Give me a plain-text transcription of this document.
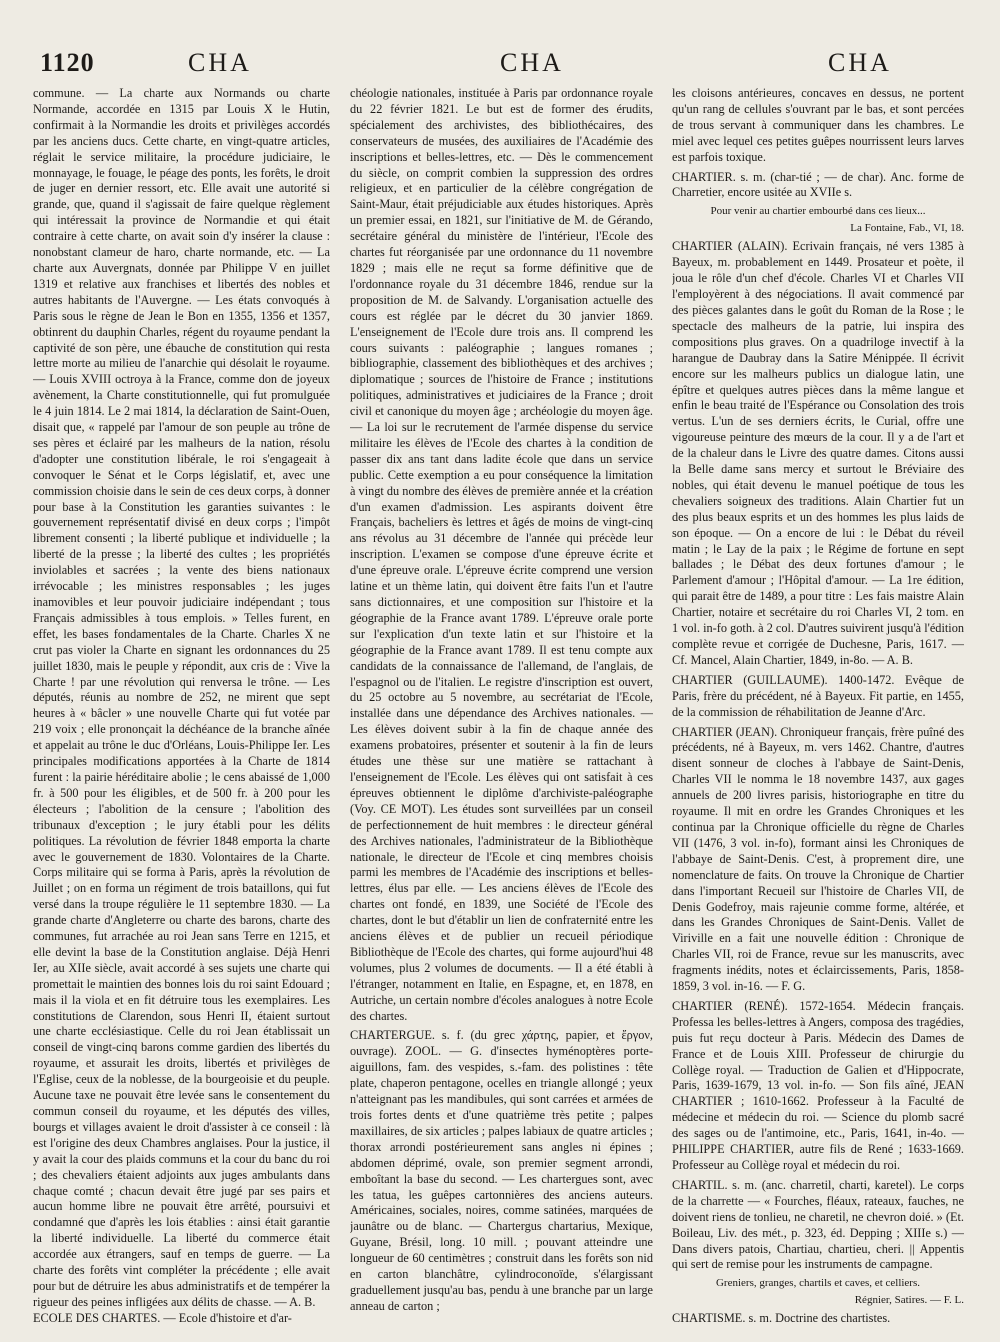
1120	CHA	CHA	CHA

commune. — La charte aux Normands ou charte Normande, accordée en 1315 par Louis X le Hutin, confirmait à la Normandie les droits et privilèges accordés par les anciens ducs. Cette charte, en vingt-quatre articles, réglait le service militaire, la procédure judiciaire, le monnayage, le fouage, le péage des ponts, les forêts, le droit de juger en dernier ressort, etc. Elle avait une autorité si grande, que, quand il s'agissait de faire quelque règlement qui intéressait la province de Normandie et qui était contraire à cette charte, on avait soin d'y insérer la clause : nonobstant clameur de haro, charte normande, etc. — La charte aux Auvergnats, donnée par Philippe V en juillet 1319 et relative aux franchises et libertés des nobles et autres habitants de l'Auvergne. — Les états convoqués à Paris sous le règne de Jean le Bon en 1355, 1356 et 1357, obtinrent du dauphin Charles, régent du royaume pendant la captivité de son père, une ébauche de constitution qui resta lettre morte au milieu de l'anarchie qui désolait le royaume. — Louis XVIII octroya à la France, comme don de joyeux avènement, la Charte constitutionnelle, qui fut promulguée le 4 juin 1814. Le 2 mai 1814, la déclaration de Saint-Ouen, disait que, « rappelé par l'amour de son peuple au trône de ses pères et éclairé par les malheurs de la nation, résolu d'adopter une constitution libérale, le roi s'engageait à convoquer le Sénat et le Corps législatif, et, avec une commission choisie dans le sein de ces deux corps, à donner pour base à la Constitution les garanties suivantes : le gouvernement représentatif divisé en deux corps ; l'impôt librement consenti ; la liberté publique et individuelle ; la liberté de la presse ; la liberté des cultes ; les propriétés inviolables et sacrées ; la vente des biens nationaux irrévocable ; les ministres responsables ; les juges inamovibles et leur pouvoir judiciaire indépendant ; tous Français admissibles à tous emplois. » Telles furent, en effet, les bases fondamentales de la Charte. Charles X ne crut pas violer la Charte en signant les ordonnances du 25 juillet 1830, mais le peuple y répondit, aux cris de : Vive la Charte ! par une révolution qui renversa le trône. — Les députés, réunis au nombre de 252, ne mirent que sept heures à « bâcler » une nouvelle Charte qui fut votée par 219 voix ; elle prononçait la déchéance de la branche aînée et appelait au trône le duc d'Orléans, Louis-Philippe Ier. Les principales modifications apportées à la Charte de 1814 furent : la pairie héréditaire abolie ; le cens abaissé de 1,000 fr. à 500 pour les éligibles, et de 500 fr. à 200 pour les électeurs ; l'abolition de la censure ; l'abolition des tribunaux d'exception ; le jury établi pour les délits politiques. La révolution de février 1848 emporta la charte avec le gouvernement de 1830. Volontaires de la Charte. Corps militaire qui se forma à Paris, après la révolution de Juillet ; on en forma un régiment de trois bataillons, qui fut versé dans la troupe régulière le 11 septembre 1830. — La grande charte d'Angleterre ou charte des barons, charte des communes, fut arrachée au roi Jean sans Terre en 1215, et elle devint la base de la Constitution anglaise. Déjà Henri Ier, au XIIe siècle, avait accordé à ses sujets une charte qui promettait le maintien des bonnes lois du roi saint Edouard ; mais il la viola et en fit détruire tous les exemplaires. Les constitutions de Clarendon, sous Henri II, étaient surtout une charte ecclésiastique. Celle du roi Jean établissait un conseil de vingt-cinq barons comme gardien des libertés du royaume, et assurait les droits, libertés et privilèges de l'Eglise, ceux de la noblesse, de la bourgeoisie et du peuple. Aucune taxe ne pouvait être levée sans le consentement du commun conseil du royaume, et les députés des villes, bourgs et villages avaient le droit d'assister à ce conseil : là est l'origine des deux Chambres anglaises. Pour la justice, il y avait la cour des plaids communs et la cour du banc du roi ; des chevaliers étaient adjoints aux juges ambulants dans chaque comté ; chacun devait être jugé par ses pairs et aucun homme libre ne pouvait être arrêté, poursuivi et condamné que d'après les lois établies : ainsi était garantie la liberté individuelle. La liberté du commerce était accordée aux étrangers, sauf en temps de guerre. — La charte des forêts vint compléter la précédente ; elle avait pour but de détruire les abus administratifs et de tempérer la rigueur des peines infligées aux délits de chasse. — A. B.

ECOLE DES CHARTES. — Ecole d'histoire et d'ar-

chéologie nationales, instituée à Paris par ordonnance royale du 22 février 1821. Le but est de former des érudits, spécialement des archivistes, des bibliothécaires, des conservateurs de musées, des auxiliaires de l'Académie des inscriptions et belles-lettres, etc. — Dès le commencement du siècle, on comprit combien la suppression des ordres religieux, et en particulier de la célèbre congrégation de Saint-Maur, était préjudiciable aux études historiques. Après un premier essai, en 1821, sur l'initiative de M. de Gérando, secrétaire général du ministère de l'intérieur, l'Ecole des chartes fut réorganisée par une ordonnance du 11 novembre 1829 ; mais elle ne reçut sa forme définitive que de l'ordonnance royale du 31 décembre 1846, rendue sur la proposition de M. de Salvandy. L'organisation actuelle des cours est réglée par le décret du 30 janvier 1869. L'enseignement de l'Ecole dure trois ans. Il comprend les cours suivants : paléographie ; langues romanes ; bibliographie, classement des bibliothèques et des archives ; diplomatique ; sources de l'histoire de France ; institutions politiques, administratives et judiciaires de la France ; droit civil et canonique du moyen âge ; archéologie du moyen âge. — La loi sur le recrutement de l'armée dispense du service militaire les élèves de l'Ecole des chartes à la condition de passer dix ans tant dans ladite école que dans un service public. Cette exemption a eu pour conséquence la limitation à vingt du nombre des élèves de première année et la création d'un examen d'admission. Les aspirants doivent être Français, bacheliers ès lettres et âgés de moins de vingt-cinq ans révolus au 31 décembre de l'année qui précède leur inscription. L'examen se compose d'une épreuve écrite et d'une épreuve orale. L'épreuve écrite comprend une version latine et un thème latin, qui doivent être faits l'un et l'autre sans dictionnaires, et une composition sur l'histoire et la géographie de la France avant 1789. L'épreuve orale porte sur l'explication d'un texte latin et sur l'histoire et la géographie de la France avant 1789. Il est tenu compte aux candidats de la connaissance de l'allemand, de l'anglais, de l'espagnol ou de l'italien. Le registre d'inscription est ouvert, du 25 octobre au 5 novembre, au secrétariat de l'Ecole, installée dans une dépendance des Archives nationales. — Les élèves doivent subir à la fin de chaque année des examens probatoires, présenter et soutenir à la fin de leurs études une thèse sur une matière se rattachant à l'enseignement de l'Ecole. Les élèves qui ont satisfait à ces épreuves obtiennent le diplôme d'archiviste-paléographe (Voy. CE MOT). Les études sont surveillées par un conseil de perfectionnement de huit membres : le directeur général des Archives nationales, l'administrateur de la Bibliothèque nationale, le directeur de l'Ecole et cinq membres choisis parmi les membres de l'Académie des inscriptions et belles-lettres, élus par elle. — Les anciens élèves de l'Ecole des chartes ont fondé, en 1839, une Société de l'Ecole des chartes, dont le but d'établir un lien de confraternité entre les anciens élèves et de publier un recueil périodique Bibliothèque de l'Ecole des chartes, qui forme aujourd'hui 48 volumes, plus 2 volumes de documents. — Il a été établi à l'étranger, notamment en Italie, en Espagne, et, en 1878, en Autriche, un certain nombre d'écoles analogues à notre Ecole des chartes.

CHARTERGUE. s. f. (du grec χάρτης, papier, et ἔργον, ouvrage). ZOOL. — G. d'insectes hyménoptères porte-aiguillons, fam. des vespides, s.-fam. des polistines : tête plate, chaperon pentagone, ocelles en triangle allongé ; yeux n'atteignant pas les mandibules, qui sont carrées et armées de trois fortes dents et d'une quatrième très petite ; palpes maxillaires, de six articles ; palpes labiaux de quatre articles ; thorax arrondi postérieurement sans angles ni épines ; abdomen déprimé, ovale, son premier segment arrondi, emboîtant la base du second. — Les chartergues sont, avec les tatua, les guêpes cartonnières des anciens auteurs. Américaines, sociales, noires, comme satinées, marquées de jaunâtre ou de blanc. — Chartergus chartarius, Mexique, Guyane, Brésil, long. 10 mill. ; pouvant atteindre une longueur de 60 centimètres ; construit dans les forêts son nid en carton blanchâtre, cylindroconoïde, s'élargissant graduellement jusqu'au bas, pendu à une branche par un large anneau de carton ;

les cloisons antérieures, concaves en dessus, ne portent qu'un rang de cellules s'ouvrant par le bas, et sont percées de trous servant à communiquer dans les chambres. Le miel avec lequel ces petites guêpes nourrissent leurs larves est parfois toxique.

CHARTIER. s. m. (char-tié ; — de char). Anc. forme de Charretier, encore usitée au XVIIe s.

Pour venir au chartier embourbé dans ces lieux...

La Fontaine, Fab., VI, 18.

CHARTIER (ALAIN). Ecrivain français, né vers 1385 à Bayeux, m. probablement en 1449. Prosateur et poète, il joua le rôle d'un chef d'école. Charles VI et Charles VII l'employèrent à des négociations. Il avait commencé par des pièces galantes dans le goût du Roman de la Rose ; le spectacle des malheurs de la patrie, lui inspira des compositions plus graves. On a quadriloge invectif à la harangue de Daubray dans la Satire Ménippée. Il écrivit encore sur les malheurs publics un dialogue latin, une épître et quelques autres pièces dans la même langue et enfin le beau traité de l'Espérance ou Consolation des trois vertus. L'un de ses derniers écrits, le Curial, offre une vigoureuse peinture des mœurs de la cour. Il y a de l'art et de la chaleur dans le Livre des quatre dames. Citons aussi la Belle dame sans mercy et surtout le Bréviaire des nobles, qui était devenu le manuel poétique de tous les chevaliers soigneux des traditions. Alain Chartier fut un des plus beaux esprits et un des hommes les plus laids de son époque. — On a encore de lui : le Débat du réveil matin ; le Lay de la paix ; le Régime de fortune en sept ballades ; le Débat des deux fortunes d'amour ; le Parlement d'amour ; l'Hôpital d'amour. — La 1re édition, qui parait être de 1489, a pour titre : Les fais maistre Alain Chartier, notaire et secrétaire du roi Charles VI, 2 tom. en 1 vol. in-fo goth. à 2 col. D'autres suivirent jusqu'à l'édition complète revue et corrigée de Duchesne, Paris, 1617. — Cf. Mancel, Alain Chartier, 1849, in-8o. — A. B.

CHARTIER (GUILLAUME). 1400-1472. Evêque de Paris, frère du précédent, né à Bayeux. Fit partie, en 1455, de la commission de réhabilitation de Jeanne d'Arc.

CHARTIER (JEAN). Chroniqueur français, frère puîné des précédents, né à Bayeux, m. vers 1462. Chantre, d'autres disent sonneur de cloches à l'abbaye de Saint-Denis, Charles VII le nomma le 18 novembre 1437, aux gages annuels de 200 livres parisis, historiographe en titre du royaume. Il mit en ordre les Grandes Chroniques et les continua par la Chronique officielle du règne de Charles VII (1476, 3 vol. in-fo), formant ainsi les Chroniques de l'abbaye de Saint-Denis. C'est, à proprement dire, une nomenclature de faits. On trouve la Chronique de Chartier dans l'important Recueil sur l'histoire de Charles VII, de Denis Godefroy, mais rajeunie comme forme, altérée, et dans les Grandes Chroniques de Saint-Denis. Vallet de Viriville en a fait une nouvelle édition : Chronique de Charles VII, roi de France, revue sur les manuscrits, avec fragments inédits, notes et éclaircissements, Paris, 1858-1859, 3 vol. in-16. — F. G.

CHARTIER (RENÉ). 1572-1654. Médecin français. Professa les belles-lettres à Angers, composa des tragédies, puis fut reçu docteur à Paris. Médecin des Dames de France et de Louis XIII. Professeur de chirurgie du Collège royal. — Traduction de Galien et d'Hippocrate, Paris, 1639-1679, 13 vol. in-fo. — Son fils aîné, JEAN CHARTIER ; 1610-1662. Professeur à la Faculté de médecine et médecin du roi. — Science du plomb sacré des sages ou de l'antimoine, etc., Paris, 1641, in-4o. — PHILIPPE CHARTIER, autre fils de René ; 1633-1669. Professeur au Collège royal et médecin du roi.

CHARTIL. s. m. (anc. charretil, charti, karetel). Le corps de la charrette — « Fourches, fléaux, rateaux, fauches, ne doivent riens de tonlieu, ne charetil, ne chevron doié. » (Et. Boileau, Liv. des mét., p. 323, éd. Depping ; XIIIe s.) — Dans divers patois, Chartiau, chartieu, cheri. || Appentis qui sert de remise pour les instruments de campagne.

Greniers, granges, chartils et caves, et celliers.

Régnier, Satires. — F. L.

CHARTISME. s. m. Doctrine des chartistes.
